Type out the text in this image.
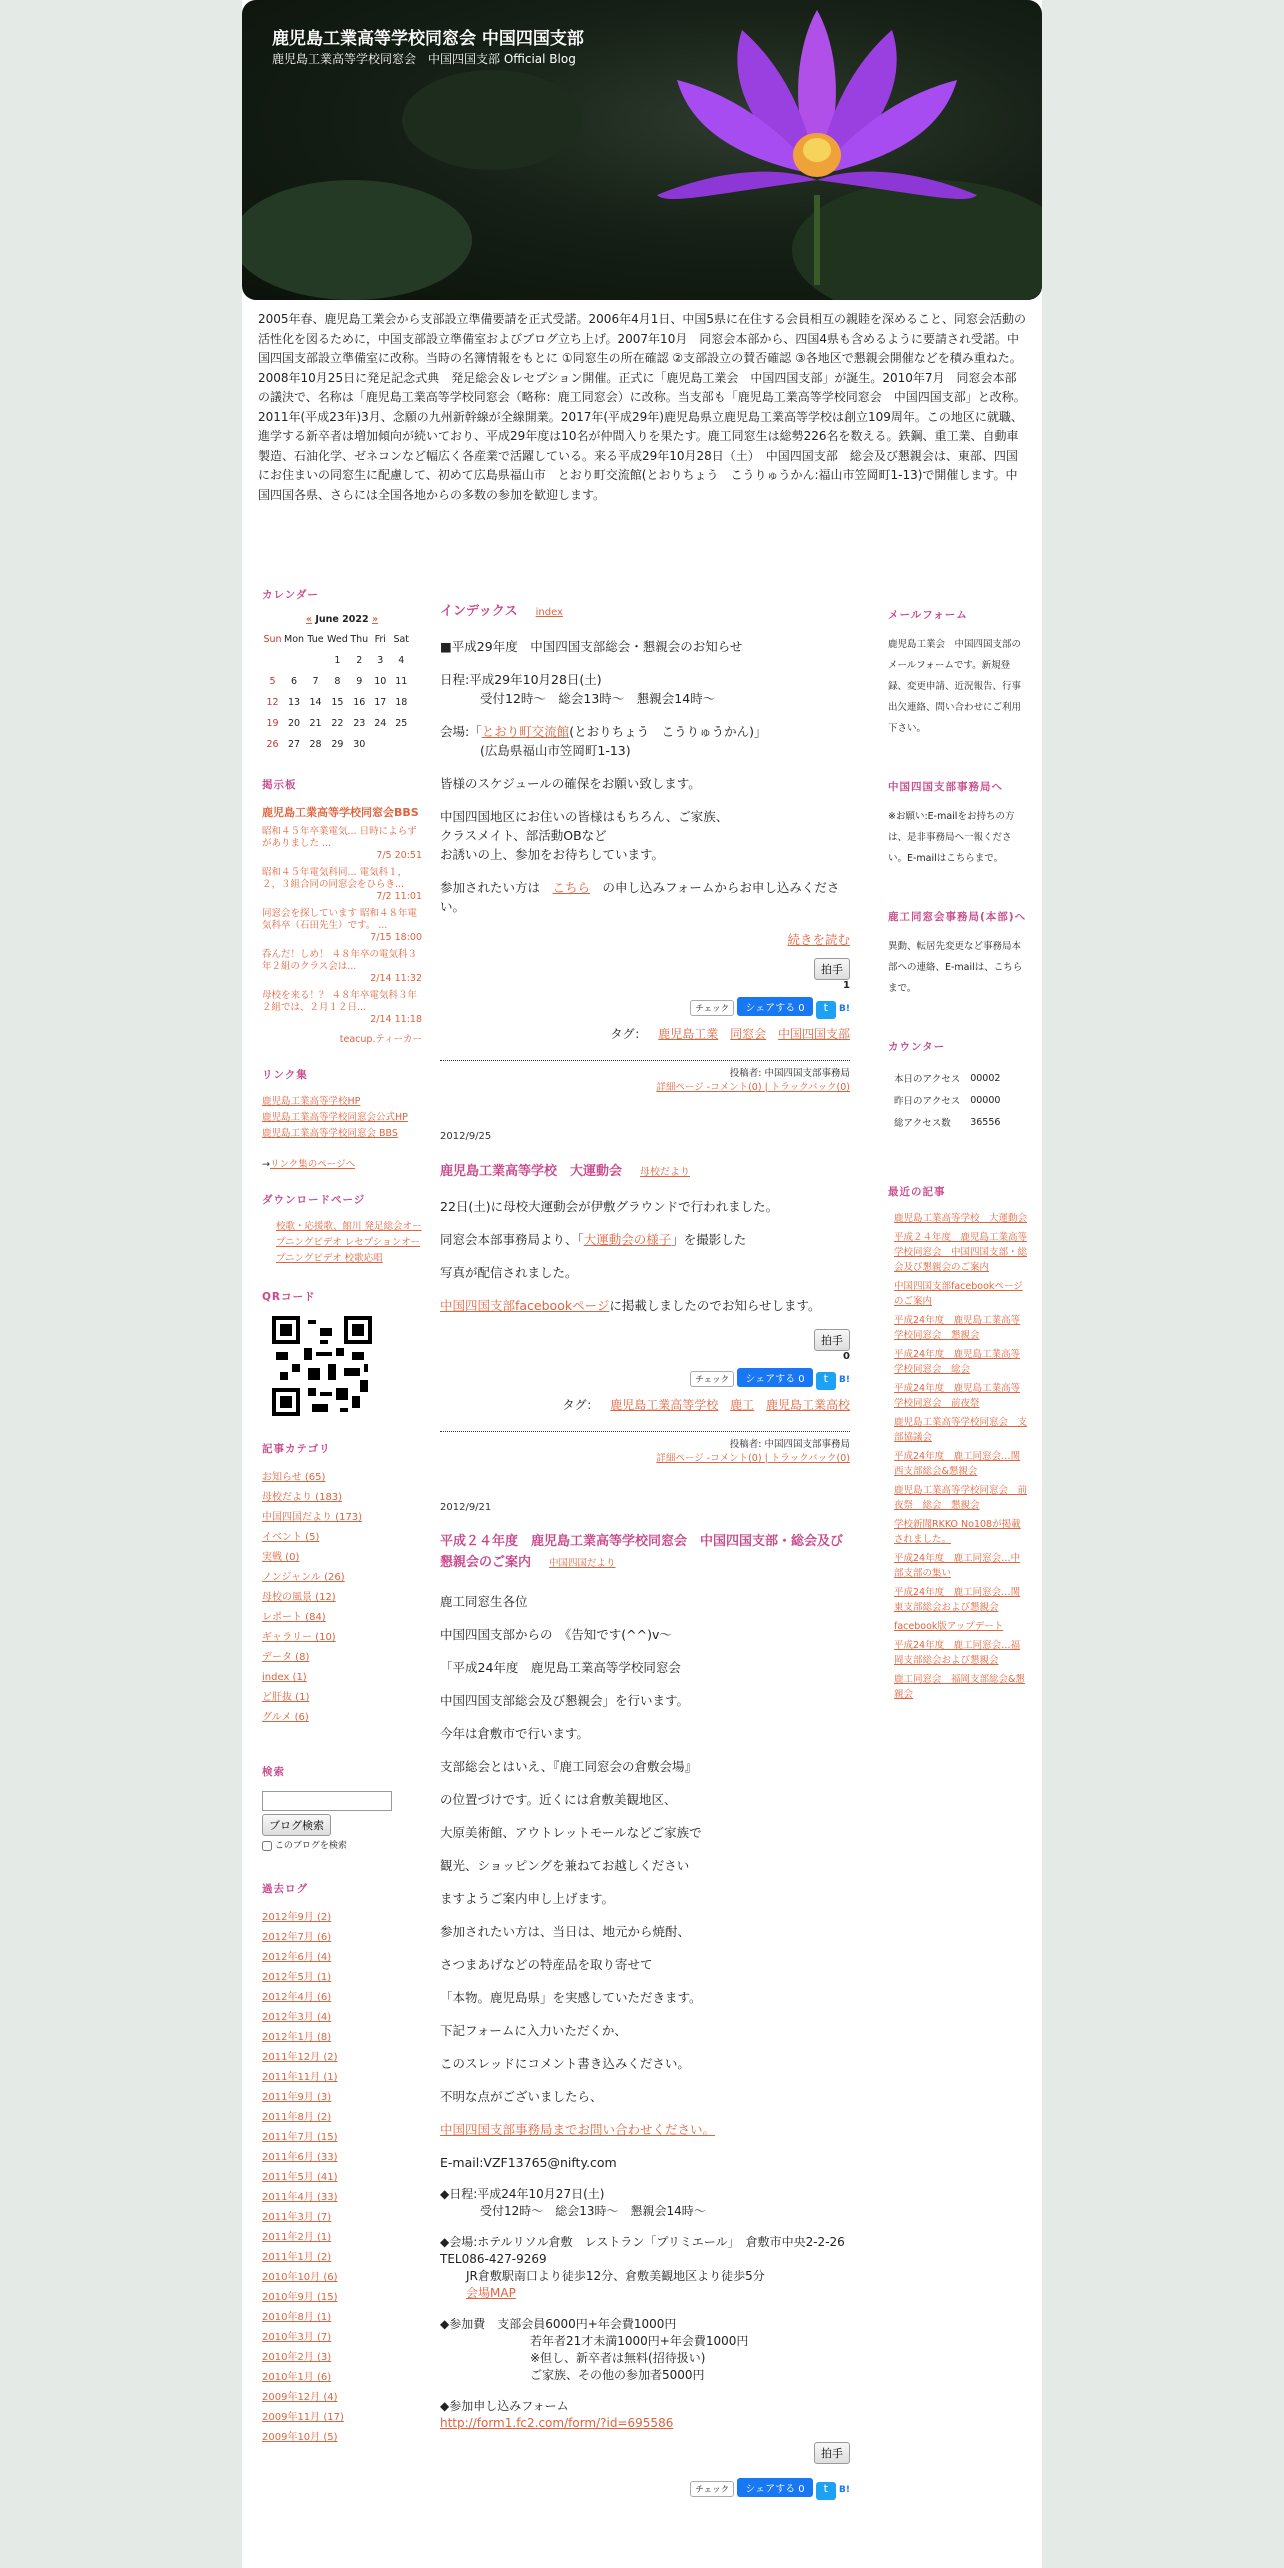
鹿児島工業高等学校同窓会 中国四国支部
鹿児島工業高等学校同窓会　中国四国支部 Official Blog
2005年春、鹿児島工業会から支部設立準備要請を正式受諾。2006年4月1日、中国5県に在住する会員相互の親睦を深めること、同窓会活動の活性化を図るために，中国支部設立準備室およびブログ立ち上げ。2007年10月　同窓会本部から、四国4県も含めるように要請され受諾。中国四国支部設立準備室に改称。当時の名簿情報をもとに ①同窓生の所在確認 ②支部設立の賛否確認 ③各地区で懇親会開催などを積み重ねた。2008年10月25日に発足記念式典　発足総会＆レセプション開催。正式に「鹿児島工業会　中国四国支部」が誕生。2010年7月　同窓会本部の議決で、名称は「鹿児島工業高等学校同窓会（略称：鹿工同窓会）に改称。当支部も「鹿児島工業高等学校同窓会　中国四国支部」と改称。2011年(平成23年)3月、念願の九州新幹線が全線開業。2017年(平成29年)鹿児島県立鹿児島工業高等学校は創立109周年。この地区に就職、進学する新卒者は増加傾向が続いており、平成29年度は10名が仲間入りを果たす。鹿工同窓生は総勢226名を数える。鉄鋼、重工業、自動車製造、石油化学、ゼネコンなど幅広く各産業で活躍している。来る平成29年10月28日（土）　中国四国支部　総会及び懇親会は、東部、四国にお住まいの同窓生に配慮して、初めて広島県福山市　とおり町交流館(とおりちょう　こうりゅうかん:福山市笠岡町1-13)で開催します。中国四国各県、さらには全国各地からの多数の参加を歓迎します。
カレンダー
« June 2022 »
Sun	Mon	Tue	Wed	Thu	Fri	Sat
			1	2	3	4
5	6	7	8	9	10	11
12	13	14	15	16	17	18
19	20	21	22	23	24	25
26	27	28	29	30		
掲示板
鹿児島工業高等学校同窓会BBS
昭和４５年卒業電気... 日時によらずがありました ...
7/5 20:51
昭和４５年電気科同... 電気科１，２，３組合同の同窓会をひらき...
7/2 11:01
同窓会を探しています 昭和４８年電気科卒（石田先生）です。 ...
7/15 18:00
呑んだ！しめ！ ４８年卒の電気科３年２組のクラス会は...
2/14 11:32
母校を来る！？ ４８年卒電気科３年２組では、２月１２日...
2/14 11:18
teacup.ティーカー
リンク集
鹿児島工業高等学校HP
鹿児島工業高等学校同窓会公式HP
鹿児島工業高等学校同窓会 BBS
→リンク集のページへ
ダウンロードページ
校歌・応援歌、館川 発足総会オープニングビデオ レセプションオープニングビデオ 校歌応唱
QRコード
記事カテゴリ
お知らせ (65)
母校だより (183)
中国四国だより (173)
イベント (5)
実戦 (0)
ノンジャンル (26)
母校の風景 (12)
レポート (84)
ギャラリー (10)
データ (8)
index (1)
ど肝抜 (1)
グルメ (6)
検索
ブログ検索
このブログを検索
過去ログ
2012年9月 (2)
2012年7月 (6)
2012年6月 (4)
2012年5月 (1)
2012年4月 (6)
2012年3月 (4)
2012年1月 (8)
2011年12月 (2)
2011年11月 (1)
2011年9月 (3)
2011年8月 (2)
2011年7月 (15)
2011年6月 (33)
2011年5月 (41)
2011年4月 (33)
2011年3月 (7)
2011年2月 (1)
2011年1月 (2)
2010年10月 (6)
2010年9月 (15)
2010年8月 (1)
2010年3月 (7)
2010年2月 (3)
2010年1月 (6)
2009年12月 (4)
2009年11月 (17)
2009年10月 (5)
インデックス index
■平成29年度　中国四国支部総会・懇親会のお知らせ
日程:平成29年10月28日(土)
受付12時～　総会13時～　懇親会14時～
会場:「とおり町交流館(とおりちょう　こうりゅうかん)」
(広島県福山市笠岡町1-13)
皆様のスケジュールの確保をお願い致します。
中国四国地区にお住いの皆様はもちろん、ご家族、
クラスメイト、部活動OBなど
お誘いの上、参加をお待ちしています。
参加されたい方は　こちら　の申し込みフォームからお申し込みください。
続きを読む
拍手
1
チェック シェアする 0 t B!
タグ： 鹿児島工業 同窓会 中国四国支部
投稿者: 中国四国支部事務局
詳細ページ -コメント(0) | トラックバック(0)
2012/9/25
鹿児島工業高等学校　大運動会 母校だより
22日(土)に母校大運動会が伊敷グラウンドで行われました。
同窓会本部事務局より、「大運動会の様子」を撮影した
写真が配信されました。
中国四国支部facebookページに掲載しましたのでお知らせします。
拍手
0
チェック シェアする 0 t B!
タグ： 鹿児島工業高等学校 鹿工 鹿児島工業高校
投稿者: 中国四国支部事務局
詳細ページ -コメント(0) | トラックバック(0)
2012/9/21
平成２４年度　鹿児島工業高等学校同窓会　中国四国支部・総会及び懇親会のご案内 中国四国だより
鹿工同窓生各位
中国四国支部からの　《告知です(^^)v～
「平成24年度　鹿児島工業高等学校同窓会
中国四国支部総会及び懇親会」を行います。
今年は倉敷市で行います。
支部総会とはいえ、『鹿工同窓会の倉敷会場』
の位置づけです。近くには倉敷美観地区、
大原美術館、アウトレットモールなどご家族で
観光、ショッピングを兼ねてお越しください
ますようご案内申し上げます。
参加されたい方は、当日は、地元から焼酎、
さつまあげなどの特産品を取り寄せて
「本物。鹿児島県」を実感していただきます。
下記フォームに入力いただくか、
このスレッドにコメント書き込みください。
不明な点がございましたら、
中国四国支部事務局までお問い合わせください。
E-mail:VZF13765@nifty.com
◆日程:平成24年10月27日(土)
受付12時～　総会13時～　懇親会14時～
◆会場:ホテルリソル倉敷　レストラン「プリミエール」　倉敷市中央2-2-26 TEL086-427-9269
JR倉敷駅南口より徒歩12分、倉敷美観地区より徒歩5分
会場MAP
◆参加費　支部会員6000円+年会費1000円
若年者21才未満1000円+年会費1000円
※但し、新卒者は無料(招待扱い)
ご家族、その他の参加者5000円
◆参加申し込みフォーム
http://form1.fc2.com/form/?id=695586
拍手
チェック シェアする 0 t B!
メールフォーム
鹿児島工業会　中国四国支部のメールフォームです。新規登録、変更申請、近況報告、行事出欠連絡、問い合わせにご利用下さい。
中国四国支部事務局へ
※お願い:E-mailをお持ちの方は、是非事務局へ一報ください。E-mailはこちらまで。
鹿工同窓会事務局(本部)へ
異動、転居先変更など事務局本部への連絡、E-mailは、こちらまで。
カウンター
本日のアクセス	00002
昨日のアクセス	00000
総アクセス数	36556
最近の記事
鹿児島工業高等学校　大運動会
平成２４年度　鹿児島工業高等学校同窓会　中国四国支部・総会及び懇親会のご案内
中国四国支部facebookページのご案内
平成24年度　鹿児島工業高等学校同窓会　懇親会
平成24年度　鹿児島工業高等学校同窓会　総会
平成24年度　鹿児島工業高等学校同窓会　前夜祭
鹿児島工業高等学校同窓会　支部協議会
平成24年度　鹿工同窓会…関西支部総会&懇親会
鹿児島工業高等学校同窓会　前夜祭　総会　懇親会
学校新聞RKKO No108が掲載されました。
平成24年度　鹿工同窓会…中部支部の集い
平成24年度　鹿工同窓会…関東支部総会および懇親会
facebook版アップデート
平成24年度　鹿工同窓会…福岡支部総会および懇親会
鹿工同窓会　福岡支部総会&懇親会
